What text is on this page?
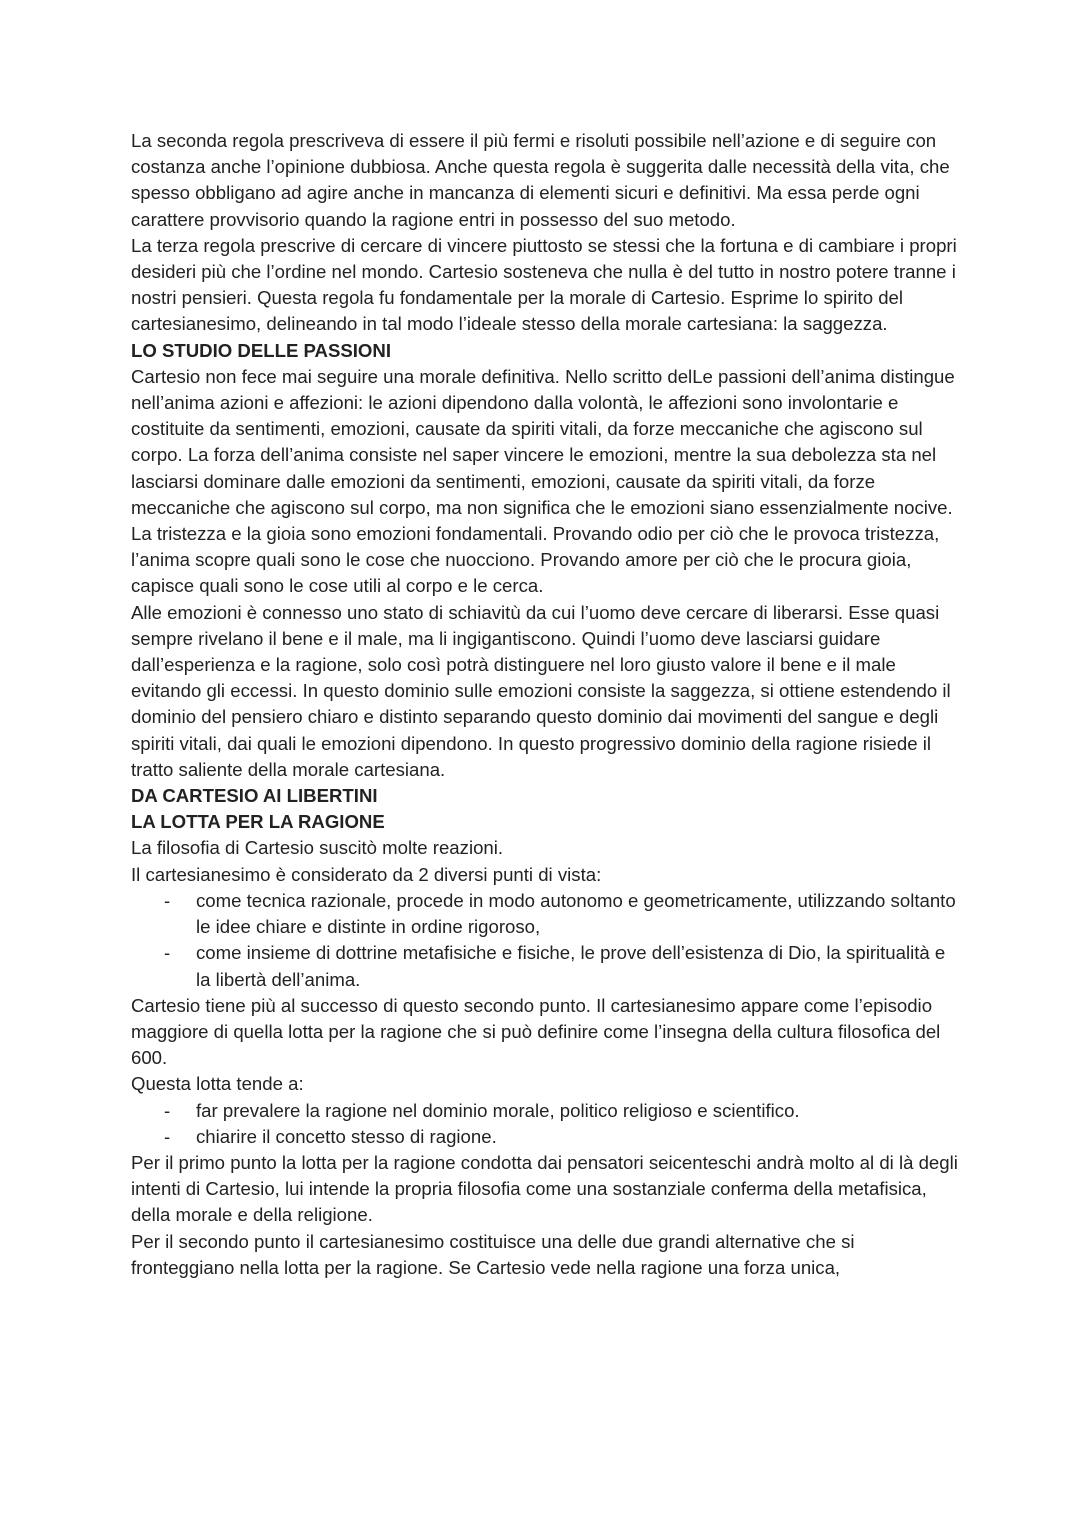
La seconda regola prescriveva di essere il più fermi e risoluti possibile nell’azione e di seguire con costanza anche l’opinione dubbiosa. Anche questa regola è suggerita dalle necessità della vita, che spesso obbligano ad agire anche in mancanza di elementi sicuri e definitivi. Ma essa perde ogni carattere provvisorio quando la ragione entri in possesso del suo metodo.

La terza regola prescrive di cercare di vincere piuttosto se stessi che la fortuna e di cambiare i propri desideri più che l’ordine nel mondo. Cartesio sosteneva che nulla è del tutto in nostro potere tranne i nostri pensieri. Questa regola fu fondamentale per la morale di Cartesio. Esprime lo spirito del cartesianesimo, delineando in tal modo l’ideale stesso della morale cartesiana: la saggezza.

LO STUDIO DELLE PASSIONI

Cartesio non fece mai seguire una morale definitiva. Nello scritto delLe passioni dell’anima distingue nell’anima azioni e affezioni: le azioni dipendono dalla volontà, le affezioni sono involontarie e costituite da sentimenti, emozioni, causate da spiriti vitali, da forze meccaniche che agiscono sul corpo. La forza dell’anima consiste nel saper vincere le emozioni, mentre la sua debolezza sta nel lasciarsi dominare dalle emozioni da sentimenti, emozioni, causate da spiriti vitali, da forze meccaniche che agiscono sul corpo, ma non significa che le emozioni siano essenzialmente nocive.

La tristezza e la gioia sono emozioni fondamentali. Provando odio per ciò che le provoca tristezza, l’anima scopre quali sono le cose che nuocciono. Provando amore per ciò che le procura gioia, capisce quali sono le cose utili al corpo e le cerca.

Alle emozioni è connesso uno stato di schiavitù da cui l’uomo deve cercare di liberarsi. Esse quasi sempre rivelano il bene e il male, ma li ingigantiscono. Quindi l’uomo deve lasciarsi guidare dall’esperienza e la ragione, solo così potrà distinguere nel loro giusto valore il bene e il male evitando gli eccessi. In questo dominio sulle emozioni consiste la saggezza, si ottiene estendendo il dominio del pensiero chiaro e distinto separando questo dominio dai movimenti del sangue e degli spiriti vitali, dai quali le emozioni dipendono. In questo progressivo dominio della ragione risiede il tratto saliente della morale cartesiana.

DA CARTESIO AI LIBERTINI
LA LOTTA PER LA RAGIONE

La filosofia di Cartesio suscitò molte reazioni.

Il cartesianesimo è considerato da 2 diversi punti di vista:

- come tecnica razionale, procede in modo autonomo e geometricamente, utilizzando soltanto le idee chiare e distinte in ordine rigoroso,
- come insieme di dottrine metafisiche e fisiche, le prove dell’esistenza di Dio, la spiritualità e la libertà dell’anima.

Cartesio tiene più al successo di questo secondo punto. Il cartesianesimo appare come l’episodio maggiore di quella lotta per la ragione che si può definire come l’insegna della cultura filosofica del 600.

Questa lotta tende a:

- far prevalere la ragione nel dominio morale, politico religioso e scientifico.
- chiarire il concetto stesso di ragione.

Per il primo punto la lotta per la ragione condotta dai pensatori seicenteschi andrà molto al di là degli intenti di Cartesio, lui intende la propria filosofia come una sostanziale conferma della metafisica, della morale e della religione.

Per il secondo punto il cartesianesimo costituisce una delle due grandi alternative che si fronteggiano nella lotta per la ragione. Se Cartesio vede nella ragione una forza unica,
